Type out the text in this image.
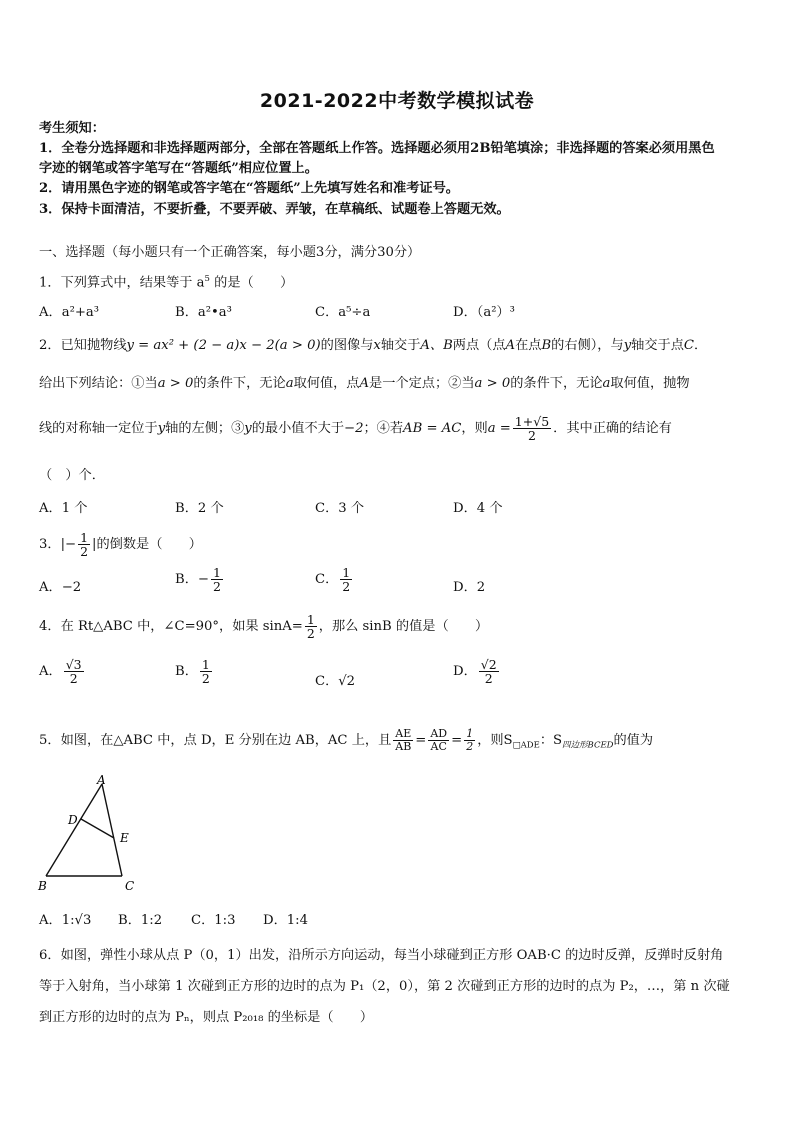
2021-2022中考数学模拟试卷
考生须知：
1．全卷分选择题和非选择题两部分，全部在答题纸上作答。选择题必须用2B铅笔填涂；非选择题的答案必须用黑色
字迹的钢笔或答字笔写在“答题纸”相应位置上。
2．请用黑色字迹的钢笔或答字笔在“答题纸”上先填写姓名和准考证号。
3．保持卡面清洁，不要折叠，不要弄破、弄皱，在草稿纸、试题卷上答题无效。
一、选择题（每小题只有一个正确答案，每小题3分，满分30分）
1．下列算式中，结果等于 $a^5$ 的是（　　）
A．a²+a³	B．a²•a³	C．a⁵÷a	D．（a²）³
2．已知抛物线y = ax² + (2 − a)x − 2(a > 0)的图像与x轴交于A、B两点（点A在点B的右侧），与y轴交于点C．
给出下列结论：①当a > 0的条件下，无论a取何值，点A是一个定点；②当a > 0的条件下，无论a取何值，抛物
线的对称轴一定位于y轴的左侧；③y的最小值不大于−2；④若AB = AC，则$a = \frac{1+√5}{2}$ ．其中正确的结论有
（　）个．
A．1 个	B．2 个	C．3 个	D．4 个
3．|− $\frac{1}{2}$ |的倒数是（　　）
A．−2
B．− $\frac{1}{2}$	C． $\frac{1}{2}$	D．2
4．在 Rt△ABC 中，∠C=90°，如果 $\sin A= \frac{1}{2}$ ，那么 sinB 的值是（　　）
A． $\frac{√3}{2}$	B． $\frac{1}{2}$	C．√2
D． $\frac{√2}{2}$
5．如图，在△ABC 中，点 D，E 分别在边 AB，AC 上，且 $\frac{AE}{AB} = \frac{AD}{AC} = \frac{1}{2}$ ，则$S_{□ADE}$：$S_{四边形BCED}$的值为
A
D
E
B	C
A．1:√3 B．1:2 C．1:3 D．1:4
6．如图，弹性小球从点 P（0，1）出发，沿所示方向运动，每当小球碰到正方形 OAB·C 的边时反弹，反弹时反射角
等于入射角，当小球第 1 次碰到正方形的边时的点为 P₁（2，0），第 2 次碰到正方形的边时的点为 P₂，…，第 n 次碰
到正方形的边时的点为 Pₙ，则点 P₂₀₁₈ 的坐标是（　　）
